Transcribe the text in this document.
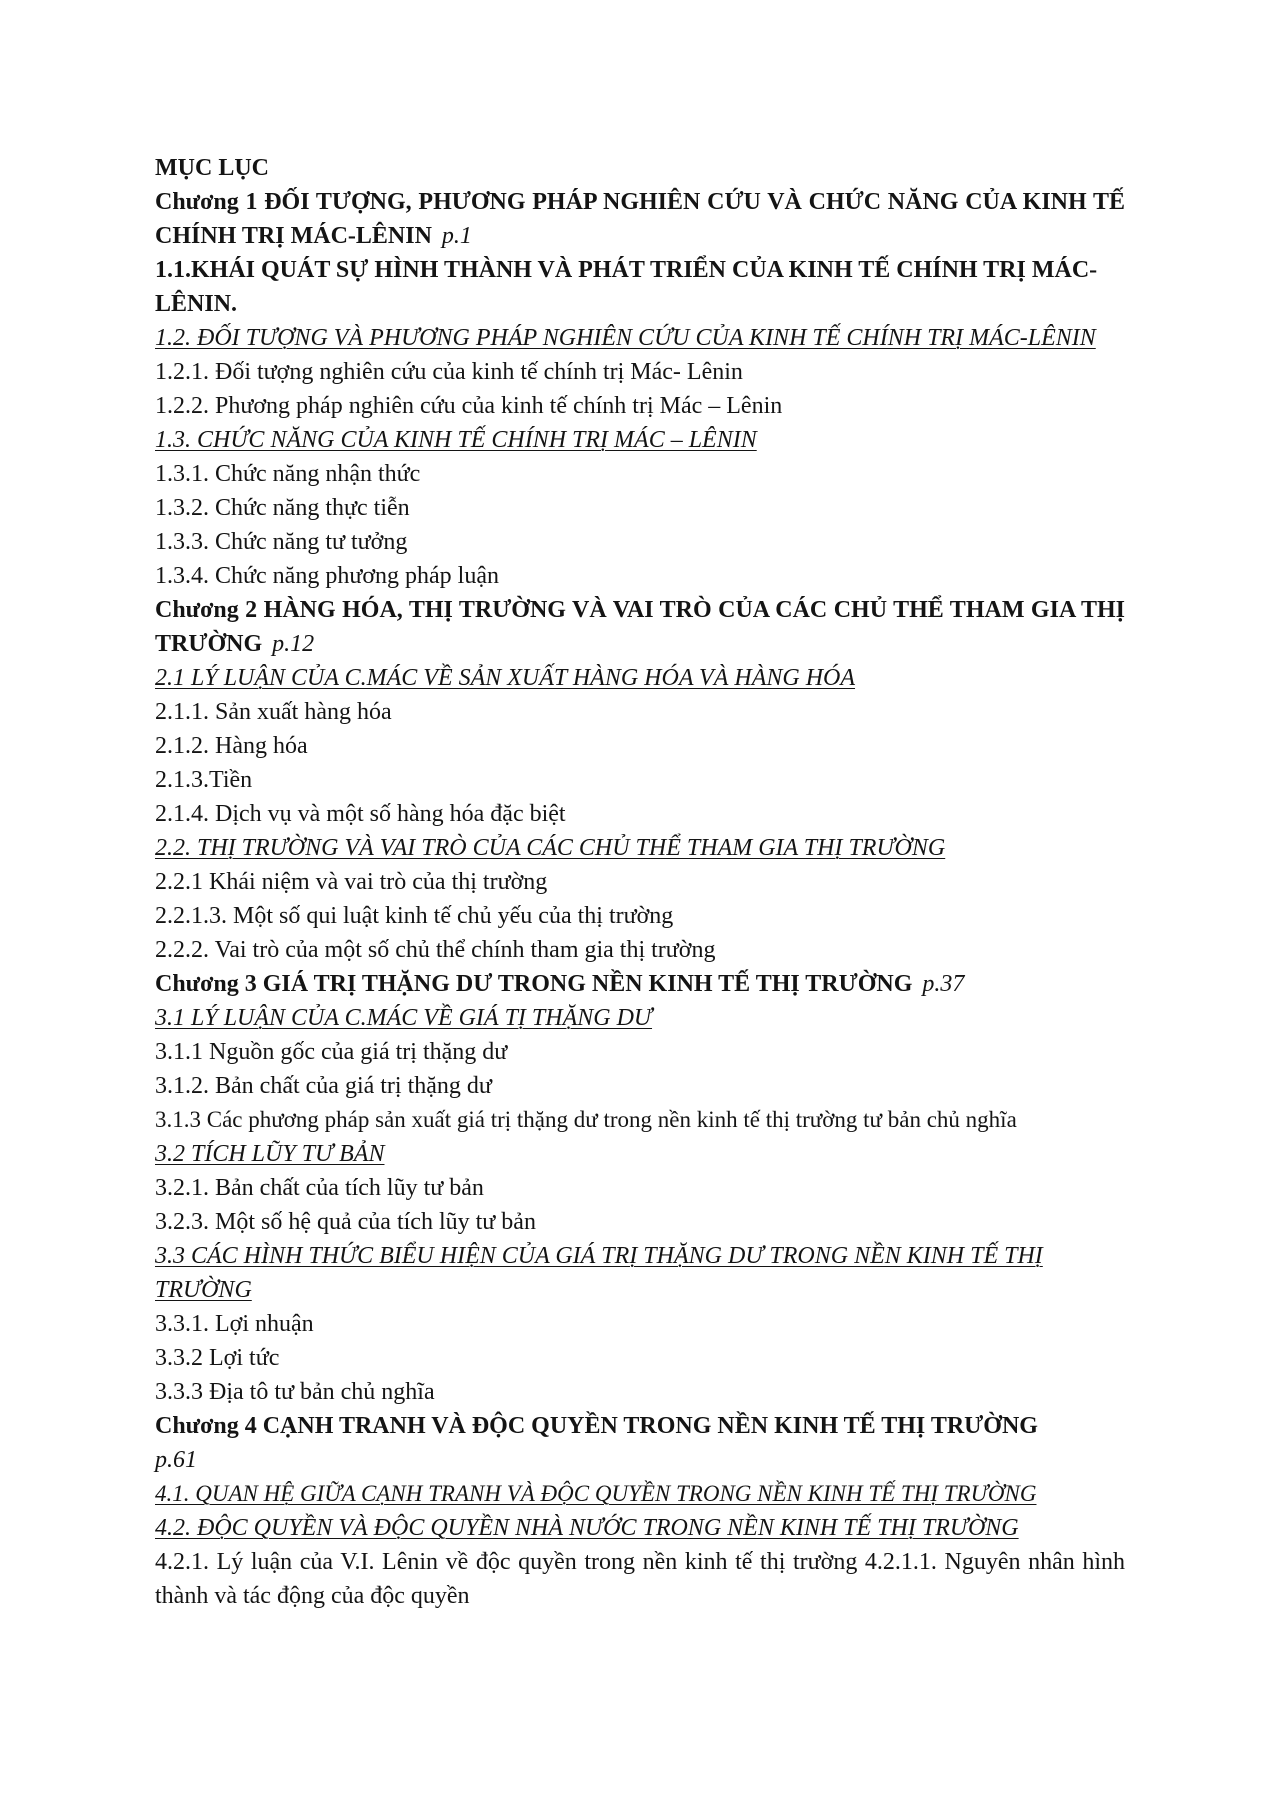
MỤC LỤC

Chương 1 ĐỐI TƯỢNG, PHƯƠNG PHÁP NGHIÊN CỨU VÀ CHỨC NĂNG CỦA KINH TẾ CHÍNH TRỊ MÁC-LÊNIN p.1

1.1.KHÁI QUÁT SỰ HÌNH THÀNH VÀ PHÁT TRIỂN CỦA KINH TẾ CHÍNH TRỊ MÁC-LÊNIN.

1.2. ĐỐI TƯỢNG VÀ PHƯƠNG PHÁP NGHIÊN CỨU CỦA KINH TẾ CHÍNH TRỊ MÁC-LÊNIN

1.2.1. Đối tượng nghiên cứu của kinh tế chính trị Mác- Lênin

1.2.2. Phương pháp nghiên cứu của kinh tế chính trị Mác – Lênin

1.3. CHỨC NĂNG CỦA KINH TẾ CHÍNH TRỊ MÁC – LÊNIN

1.3.1. Chức năng nhận thức

1.3.2. Chức năng thực tiễn

1.3.3. Chức năng tư tưởng

1.3.4. Chức năng phương pháp luận

Chương 2 HÀNG HÓA, THỊ TRƯỜNG VÀ VAI TRÒ CỦA CÁC CHỦ THỂ THAM GIA THỊ TRƯỜNG p.12

2.1 LÝ LUẬN CỦA C.MÁC VỀ SẢN XUẤT HÀNG HÓA VÀ HÀNG HÓA

2.1.1. Sản xuất hàng hóa

2.1.2. Hàng hóa

2.1.3.Tiền

2.1.4. Dịch vụ và một số hàng hóa đặc biệt

2.2. THỊ TRƯỜNG VÀ VAI TRÒ CỦA CÁC CHỦ THỂ THAM GIA THỊ TRƯỜNG

2.2.1 Khái niệm và vai trò của thị trường

2.2.1.3. Một số qui luật kinh tế chủ yếu của thị trường

2.2.2. Vai trò của một số chủ thể chính tham gia thị trường

Chương 3 GIÁ TRỊ THẶNG DƯ TRONG NỀN KINH TẾ THỊ TRƯỜNG p.37

3.1 LÝ LUẬN CỦA C.MÁC VỀ GIÁ TỊ THẶNG DƯ

3.1.1 Nguồn gốc của giá trị thặng dư

3.1.2. Bản chất của giá trị thặng dư

3.1.3 Các phương pháp sản xuất giá trị thặng dư trong nền kinh tế thị trường tư bản chủ nghĩa

3.2 TÍCH LŨY TƯ BẢN

3.2.1. Bản chất của tích lũy tư bản

3.2.3. Một số hệ quả của tích lũy tư bản

3.3 CÁC HÌNH THỨC BIỂU HIỆN CỦA GIÁ TRỊ THẶNG DƯ TRONG NỀN KINH TẾ THỊ TRƯỜNG

3.3.1. Lợi nhuận

3.3.2 Lợi tức

3.3.3 Địa tô tư bản chủ nghĩa

Chương 4 CẠNH TRANH VÀ ĐỘC QUYỀN TRONG NỀN KINH TẾ THỊ TRƯỜNG
p.61

4.1. QUAN HỆ GIỮA CẠNH TRANH VÀ ĐỘC QUYỀN TRONG NỀN KINH TẾ THỊ TRƯỜNG

4.2. ĐỘC QUYỀN VÀ ĐỘC QUYỀN NHÀ NƯỚC TRONG NỀN KINH TẾ THỊ TRƯỜNG

4.2.1. Lý luận của V.I. Lênin về độc quyền trong nền kinh tế thị trường 4.2.1.1. Nguyên nhân hình thành và tác động của độc quyền
